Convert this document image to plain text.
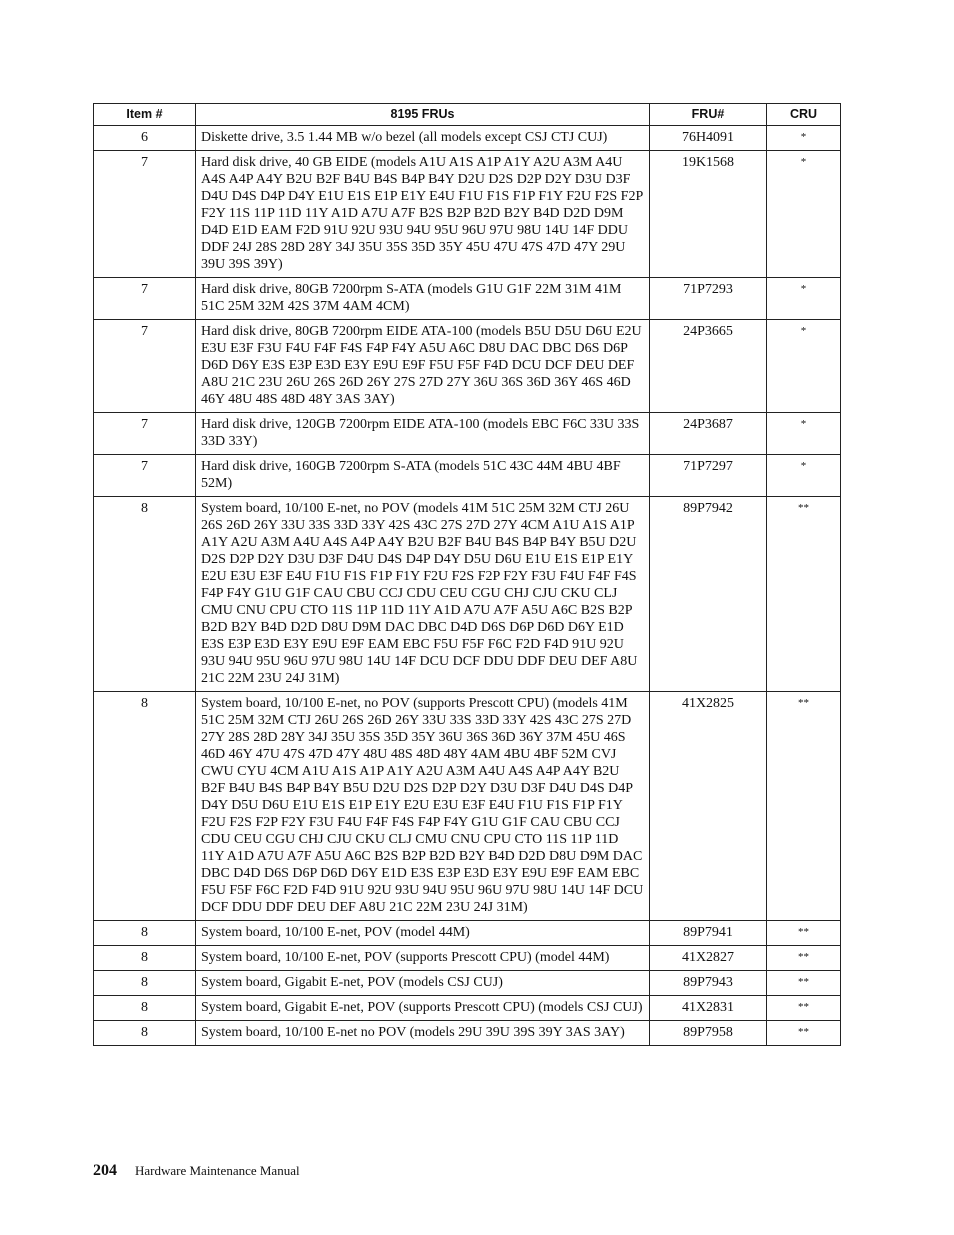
Item #	8195 FRUs	FRU#	CRU
6	Diskette drive, 3.5 1.44 MB w/o bezel (all models except CSJ CTJ CUJ)	76H4091	*
7	Hard disk drive, 40 GB EIDE (models A1U A1S A1P A1Y A2U A3M A4U A4S A4P A4Y B2U B2F B4U B4S B4P B4Y D2U D2S D2P D2Y D3U D3F D4U D4S D4P D4Y E1U E1S E1P E1Y E4U F1U F1S F1P F1Y F2U F2S F2P F2Y 11S 11P 11D 11Y A1D A7U A7F B2S B2P B2D B2Y B4D D2D D9M D4D E1D EAM F2D 91U 92U 93U 94U 95U 96U 97U 98U 14U 14F DDU DDF 24J 28S 28D 28Y 34J 35U 35S 35D 35Y 45U 47U 47S 47D 47Y 29U 39U 39S 39Y)	19K1568	*
7	Hard disk drive, 80GB 7200rpm S-ATA (models G1U G1F 22M 31M 41M 51C 25M 32M 42S 37M 4AM 4CM)	71P7293	*
7	Hard disk drive, 80GB 7200rpm EIDE ATA-100 (models B5U D5U D6U E2U E3U E3F F3U F4U F4F F4S F4P F4Y A5U A6C D8U DAC DBC D6S D6P D6D D6Y E3S E3P E3D E3Y E9U E9F F5U F5F F4D DCU DCF DEU DEF A8U 21C 23U 26U 26S 26D 26Y 27S 27D 27Y 36U 36S 36D 36Y 46S 46D 46Y 48U 48S 48D 48Y 3AS 3AY)	24P3665	*
7	Hard disk drive, 120GB 7200rpm EIDE ATA-100 (models EBC F6C 33U 33S 33D 33Y)	24P3687	*
7	Hard disk drive, 160GB 7200rpm S-ATA (models 51C 43C 44M 4BU 4BF 52M)	71P7297	*
8	System board, 10/100 E-net, no POV (models 41M 51C 25M 32M CTJ 26U 26S 26D 26Y 33U 33S 33D 33Y 42S 43C 27S 27D 27Y 4CM A1U A1S A1P A1Y A2U A3M A4U A4S A4P A4Y B2U B2F B4U B4S B4P B4Y B5U D2U D2S D2P D2Y D3U D3F D4U D4S D4P D4Y D5U D6U E1U E1S E1P E1Y E2U E3U E3F E4U F1U F1S F1P F1Y F2U F2S F2P F2Y F3U F4U F4F F4S F4P F4Y G1U G1F CAU CBU CCJ CDU CEU CGU CHJ CJU CKU CLJ CMU CNU CPU CTO 11S 11P 11D 11Y A1D A7U A7F A5U A6C B2S B2P B2D B2Y B4D D2D D8U D9M DAC DBC D4D D6S D6P D6D D6Y E1D E3S E3P E3D E3Y E9U E9F EAM EBC F5U F5F F6C F2D F4D 91U 92U 93U 94U 95U 96U 97U 98U 14U 14F DCU DCF DDU DDF DEU DEF A8U 21C 22M 23U 24J 31M)	89P7942	**
8	System board, 10/100 E-net, no POV (supports Prescott CPU) (models 41M 51C 25M 32M CTJ 26U 26S 26D 26Y 33U 33S 33D 33Y 42S 43C 27S 27D 27Y 28S 28D 28Y 34J 35U 35S 35D 35Y 36U 36S 36D 36Y 37M 45U 46S 46D 46Y 47U 47S 47D 47Y 48U 48S 48D 48Y 4AM 4BU 4BF 52M CVJ CWU CYU 4CM A1U A1S A1P A1Y A2U A3M A4U A4S A4P A4Y B2U B2F B4U B4S B4P B4Y B5U D2U D2S D2P D2Y D3U D3F D4U D4S D4P D4Y D5U D6U E1U E1S E1P E1Y E2U E3U E3F E4U F1U F1S F1P F1Y F2U F2S F2P F2Y F3U F4U F4F F4S F4P F4Y G1U G1F CAU CBU CCJ CDU CEU CGU CHJ CJU CKU CLJ CMU CNU CPU CTO 11S 11P 11D 11Y A1D A7U A7F A5U A6C B2S B2P B2D B2Y B4D D2D D8U D9M DAC DBC D4D D6S D6P D6D D6Y E1D E3S E3P E3D E3Y E9U E9F EAM EBC F5U F5F F6C F2D F4D 91U 92U 93U 94U 95U 96U 97U 98U 14U 14F DCU DCF DDU DDF DEU DEF A8U 21C 22M 23U 24J 31M)	41X2825	**
8	System board, 10/100 E-net, POV (model 44M)	89P7941	**
8	System board, 10/100 E-net, POV (supports Prescott CPU) (model 44M)	41X2827	**
8	System board, Gigabit E-net, POV (models CSJ CUJ)	89P7943	**
8	System board, Gigabit E-net, POV (supports Prescott CPU) (models CSJ CUJ)	41X2831	**
8	System board, 10/100 E-net no POV (models 29U 39U 39S 39Y 3AS 3AY)	89P7958	**
204 Hardware Maintenance Manual
